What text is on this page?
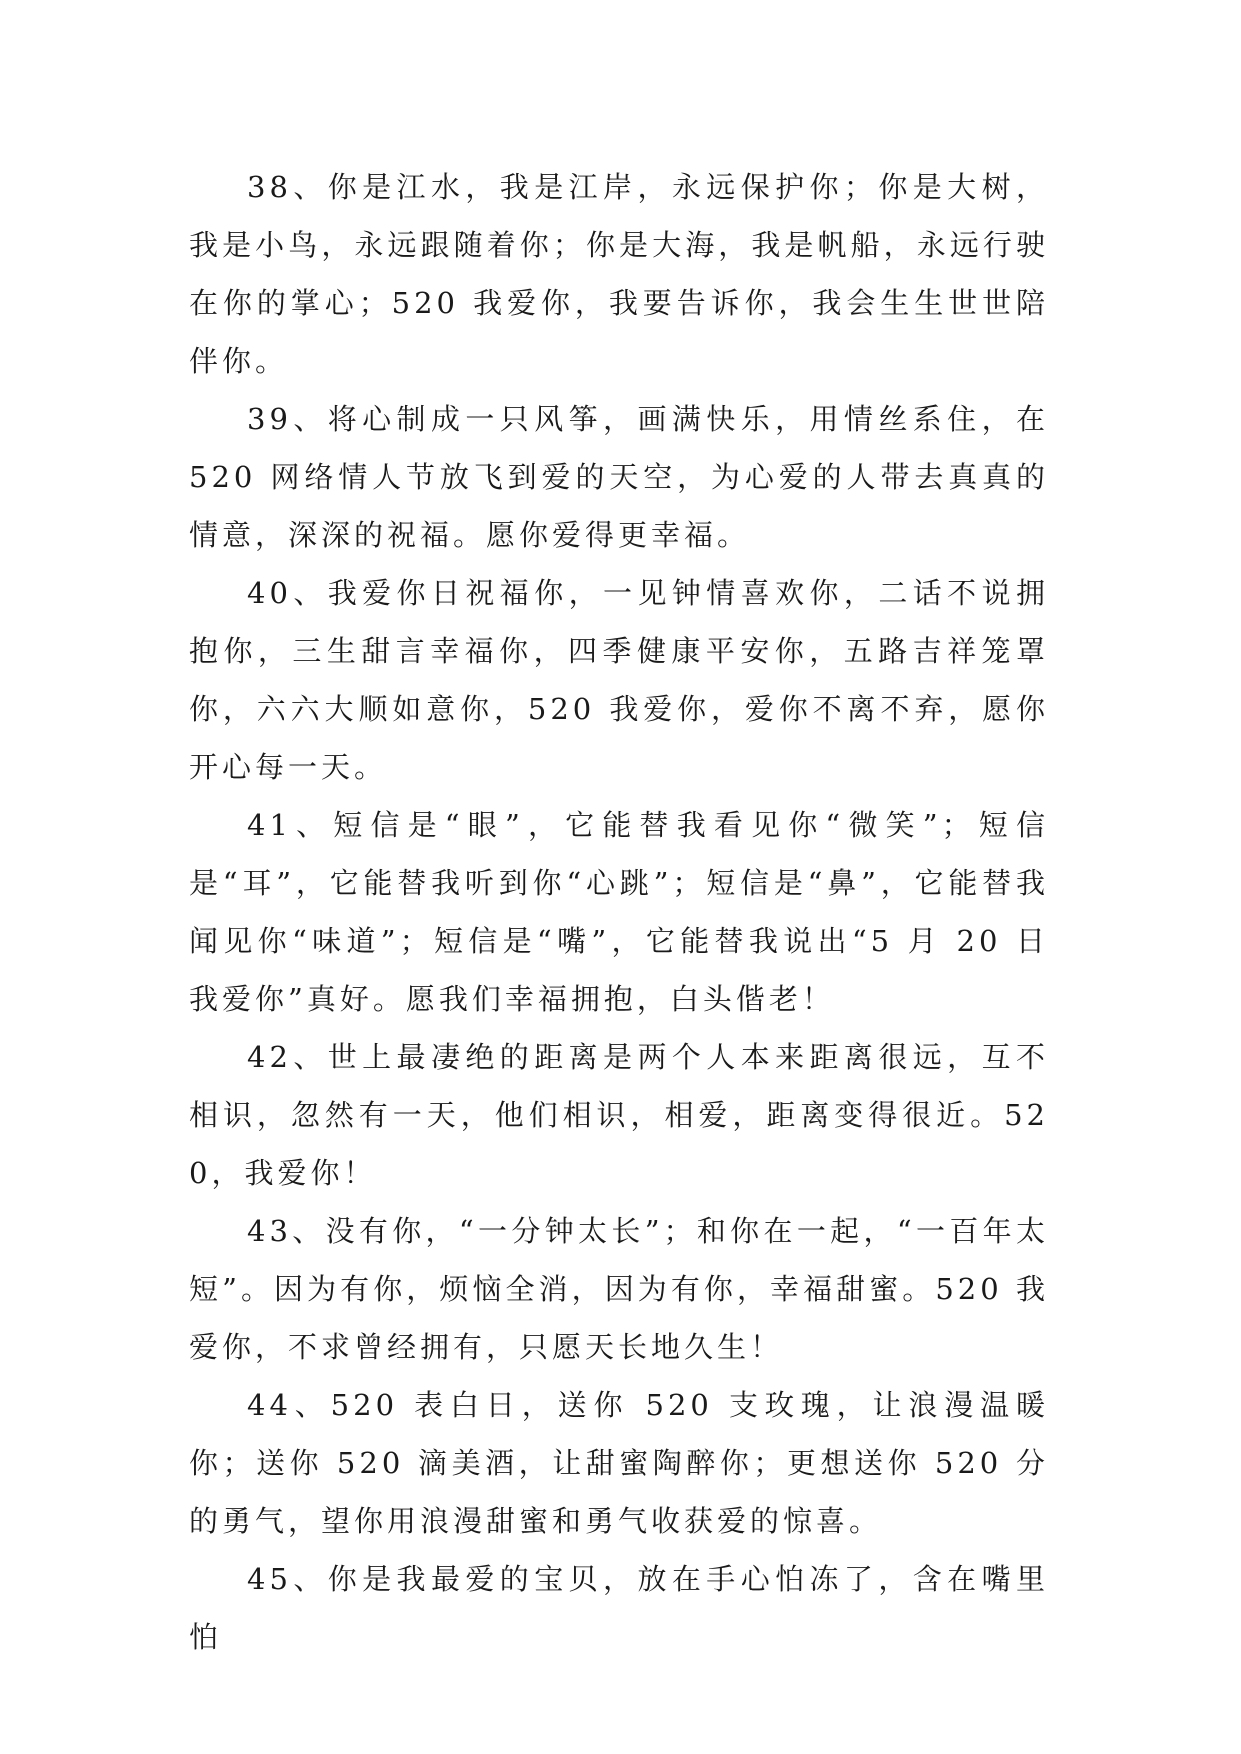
38、你是江水，我是江岸，永远保护你；你是大树，我是小鸟，永远跟随着你；你是大海，我是帆船，永远行驶在你的掌心；520 我爱你，我要告诉你，我会生生世世陪伴你。

39、将心制成一只风筝，画满快乐，用情丝系住，在 520 网络情人节放飞到爱的天空，为心爱的人带去真真的情意，深深的祝福。愿你爱得更幸福。

40、我爱你日祝福你，一见钟情喜欢你，二话不说拥抱你，三生甜言幸福你，四季健康平安你，五路吉祥笼罩你，六六大顺如意你，520 我爱你，爱你不离不弃，愿你开心每一天。

41、短信是“眼”，它能替我看见你“微笑”；短信是“耳”，它能替我听到你“心跳”；短信是“鼻”，它能替我闻见你“味道”；短信是“嘴”，它能替我说出“5 月 20 日我爱你”真好。愿我们幸福拥抱，白头偕老！

42、世上最凄绝的距离是两个人本来距离很远，互不相识，忽然有一天，他们相识，相爱，距离变得很近。520，我爱你！

43、没有你，“一分钟太长”；和你在一起，“一百年太短”。因为有你，烦恼全消，因为有你，幸福甜蜜。520 我爱你，不求曾经拥有，只愿天长地久生！

44、520 表白日，送你 520 支玫瑰，让浪漫温暖你；送你 520 滴美酒，让甜蜜陶醉你；更想送你 520 分的勇气，望你用浪漫甜蜜和勇气收获爱的惊喜。

45、你是我最爱的宝贝，放在手心怕冻了，含在嘴里怕
